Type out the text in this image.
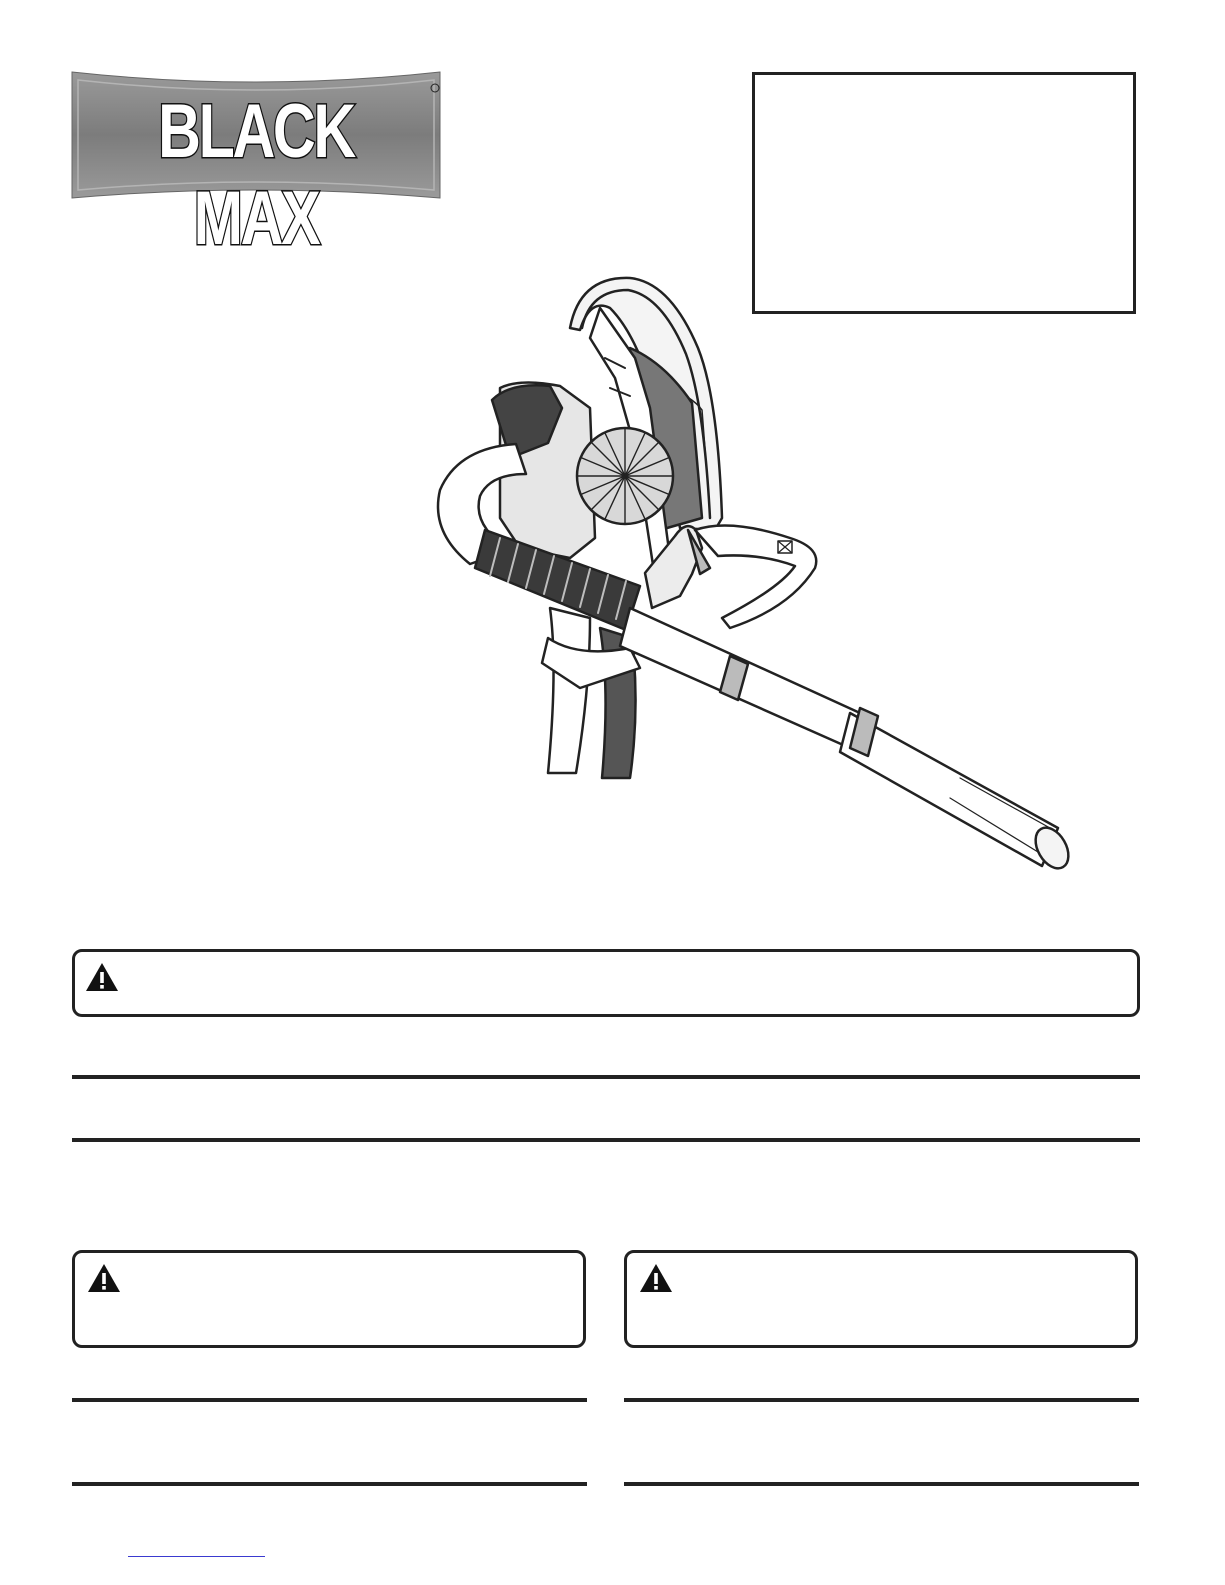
BLACK MAX
